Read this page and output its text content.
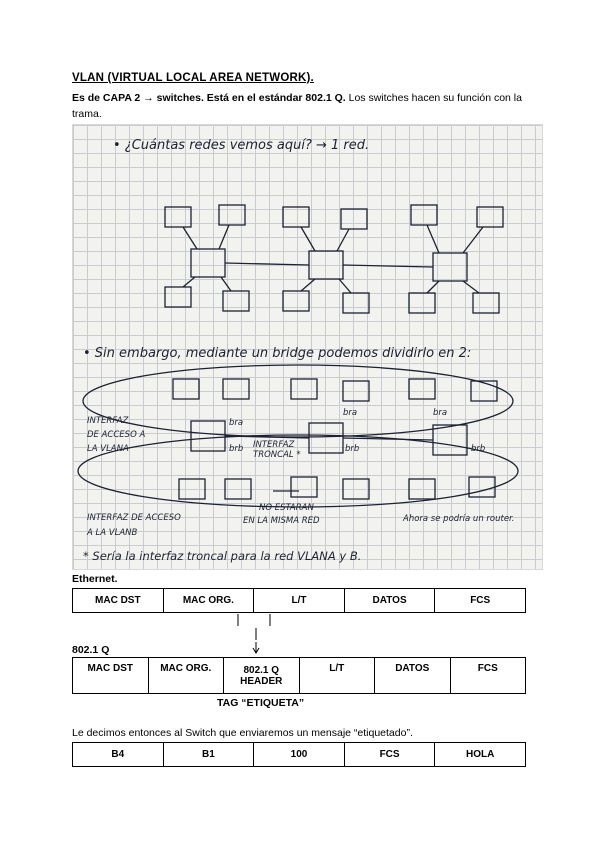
VLAN (VIRTUAL LOCAL AREA NETWORK).
Es de CAPA 2 → switches. Está en el estándar 802.1 Q. Los switches hacen su función con la trama.
• ¿Cuántas redes vemos aquí? → 1 red.
• Sin embargo, mediante un bridge podemos dividirlo en 2:
INTERFAZ
DE ACCESO A
LA VLANA	INTERFAZ
TRONCAL *
bra
brb
bra
brb
bra
brb
INTERFAZ DE ACCESO
A LA VLANB
NO ESTARAN
EN LA MISMA RED	Ahora se podría un router.
* Sería la interfaz troncal para la red VLANA y B.
Ethernet.
MAC DST	MAC ORG.	L/T	DATOS	FCS
802.1 Q
MAC DST	MAC ORG.	802.1 Q HEADER	L/T	DATOS	FCS
TAG “ETIQUETA”
Le decimos entonces al Switch que enviaremos un mensaje “etiquetado”.
B4	B1	100	FCS	HOLA
